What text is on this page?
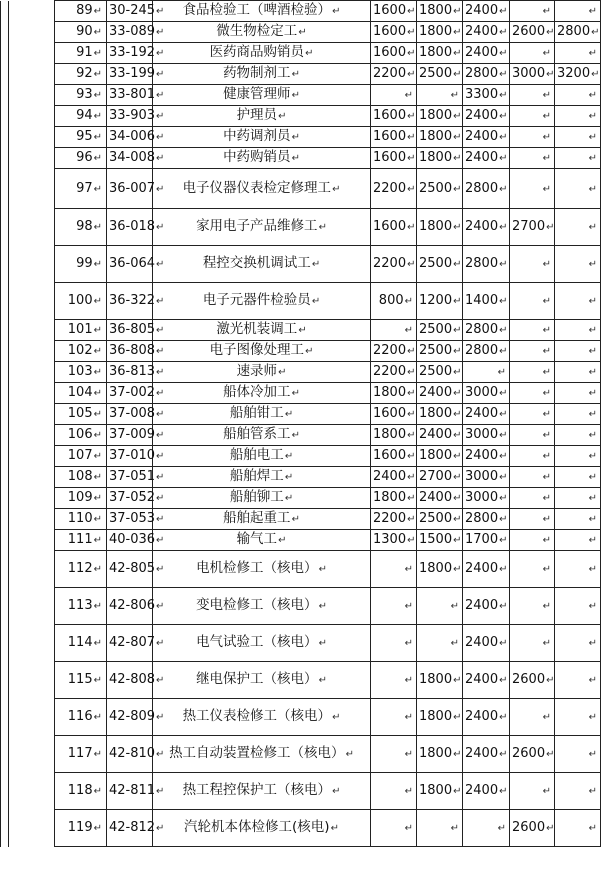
		89↵	30-245↵	食品检验工（啤酒检验）↵	1600↵	1800↵	2400↵	↵	↵
		90↵	33-089↵	微生物检定工↵	1600↵	1800↵	2400↵	2600↵	2800↵
		91↵	33-192↵	医药商品购销员↵	1600↵	1800↵	2400↵	↵	↵
		92↵	33-199↵	药物制剂工↵	2200↵	2500↵	2800↵	3000↵	3200↵
		93↵	33-801↵	健康管理师↵	↵	↵	3300↵	↵	↵
		94↵	33-903↵	护理员↵	1600↵	1800↵	2400↵	↵	↵
		95↵	34-006↵	中药调剂员↵	1600↵	1800↵	2400↵	↵	↵
		96↵	34-008↵	中药购销员↵	1600↵	1800↵	2400↵	↵	↵
		97↵	36-007↵	电子仪器仪表检定修理工↵	2200↵	2500↵	2800↵	↵	↵
		98↵	36-018↵	家用电子产品维修工↵	1600↵	1800↵	2400↵	2700↵	↵
		99↵	36-064↵	程控交换机调试工↵	2200↵	2500↵	2800↵	↵	↵
		100↵	36-322↵	电子元器件检验员↵	800↵	1200↵	1400↵	↵	↵
		101↵	36-805↵	激光机装调工↵	↵	2500↵	2800↵	↵	↵
		102↵	36-808↵	电子图像处理工↵	2200↵	2500↵	2800↵	↵	↵
		103↵	36-813↵	速录师↵	2200↵	2500↵	↵	↵	↵
		104↵	37-002↵	船体冷加工↵	1800↵	2400↵	3000↵	↵	↵
		105↵	37-008↵	船舶钳工↵	1600↵	1800↵	2400↵	↵	↵
		106↵	37-009↵	船舶管系工↵	1800↵	2400↵	3000↵	↵	↵
		107↵	37-010↵	船舶电工↵	1600↵	1800↵	2400↵	↵	↵
		108↵	37-051↵	船舶焊工↵	2400↵	2700↵	3000↵	↵	↵
		109↵	37-052↵	船舶铆工↵	1800↵	2400↵	3000↵	↵	↵
		110↵	37-053↵	船舶起重工↵	2200↵	2500↵	2800↵	↵	↵
		111↵	40-036↵	输气工↵	1300↵	1500↵	1700↵	↵	↵
		112↵	42-805↵	电机检修工（核电）↵	↵	1800↵	2400↵	↵	↵
		113↵	42-806↵	变电检修工（核电）↵	↵	↵	2400↵	↵	↵
		114↵	42-807↵	电气试验工（核电）↵	↵	↵	2400↵	↵	↵
		115↵	42-808↵	继电保护工（核电）↵	↵	1800↵	2400↵	2600↵	↵
		116↵	42-809↵	热工仪表检修工（核电）↵	↵	1800↵	2400↵	↵	↵
		117↵	42-810↵	热工自动装置检修工（核电）↵	↵	1800↵	2400↵	2600↵	↵
		118↵	42-811↵	热工程控保护工（核电）↵	↵	1800↵	2400↵	↵	↵
		119↵	42-812↵	汽轮机本体检修工(核电)↵	↵	↵	↵	2600↵	↵
